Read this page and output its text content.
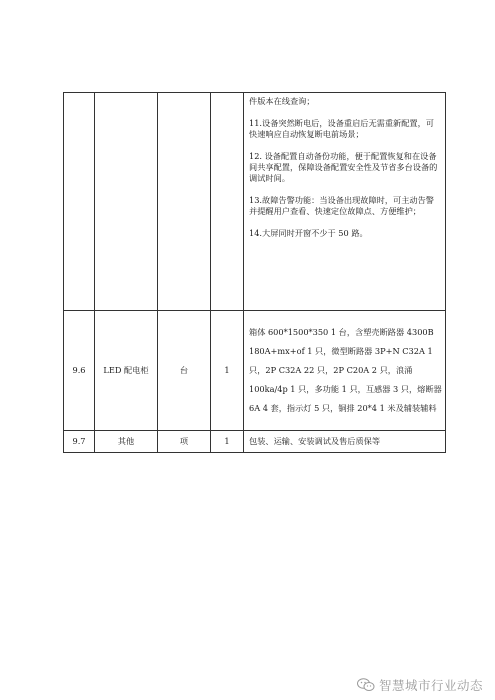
				件版本在线查询；

11.设备突然断电后，设备重启后无需重新配置，可快速响应自动恢复断电前场景；

12. 设备配置自动备份功能，便于配置恢复和在设备间共享配置，保障设备配置安全性及节省多台设备的调试时间。

13.故障告警功能：当设备出现故障时，可主动告警并提醒用户查看、快速定位故障点、方便维护；

14.大屏同时开窗不少于 50 路。

9.6	LED 配电柜	台	1	箱体 600*1500*350 1 台，含塑壳断路器 4300B 180A+mx+of 1 只，微型断路器 3P+N C32A 1 只，2P C32A 22 只，2P C20A 2 只，浪涌 100ka/4p 1 只，多功能 1 只，互感器 3 只，熔断器 6A 4 套，指示灯 5 只，铜排 20*4 1 米及辅装辅料
9.7	其他	项	1	包装、运输、安装调试及售后质保等
智慧城市行业动态
